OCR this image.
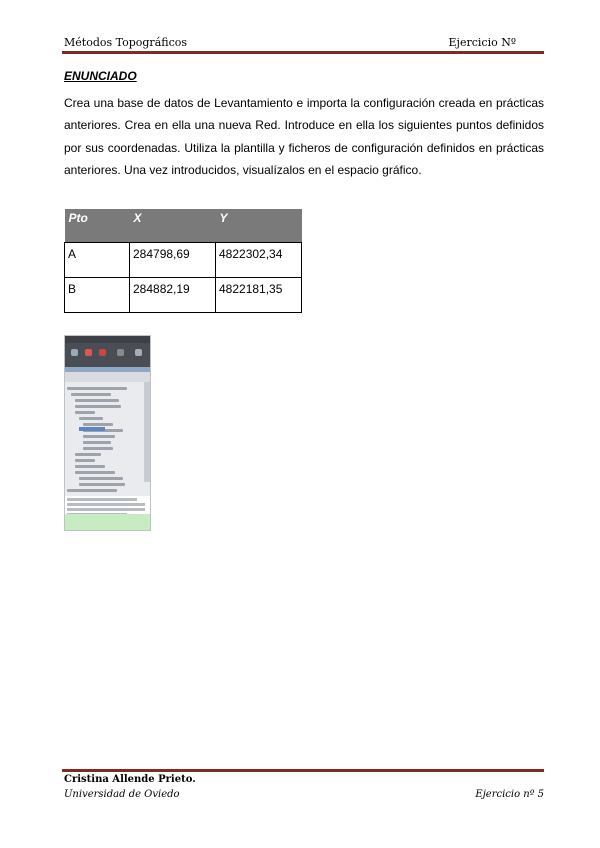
Métodos Topográficos	Ejercicio Nº
ENUNCIADO
Crea una base de datos de Levantamiento e importa la configuración creada en prácticas anteriores. Crea en ella una nueva Red. Introduce en ella los siguientes puntos definidos por sus coordenadas. Utiliza la plantilla y ficheros de configuración definidos en prácticas anteriores. Una vez introducidos, visualízalos en el espacio gráfico.
Pto	X	Y
A	284798,69	4822302,34
B	284882,19	4822181,35
Cristina Allende Prieto.
Universidad de Oviedo	Ejercicio nº 5
